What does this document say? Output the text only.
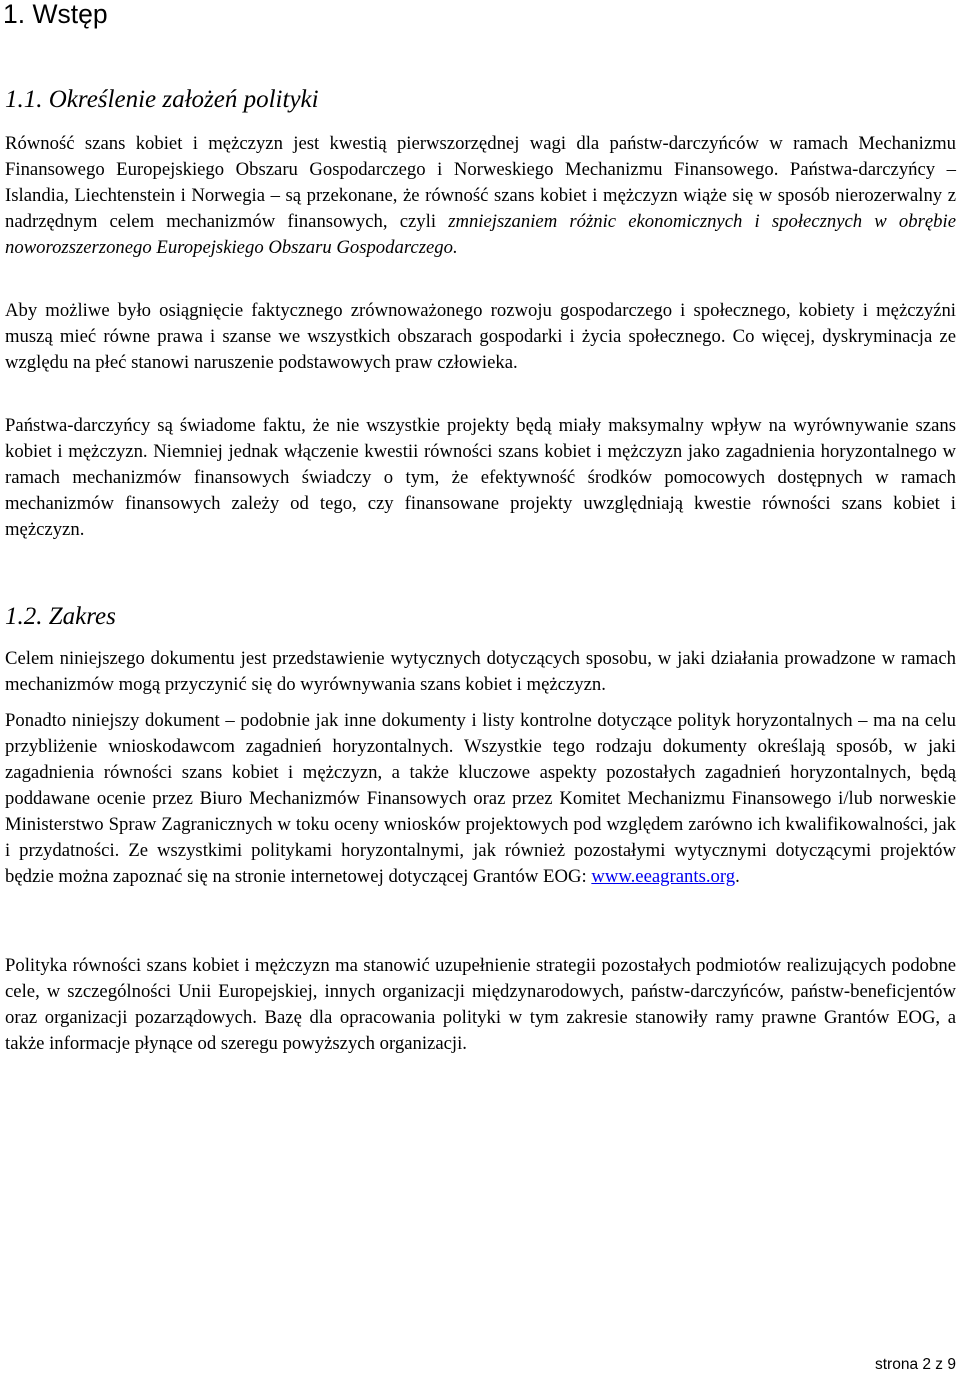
1. Wstęp
1.1. Określenie założeń polityki

Równość szans kobiet i mężczyzn jest kwestią pierwszorzędnej wagi dla państw-darczyńców w ramach Mechanizmu Finansowego Europejskiego Obszaru Gospodarczego i Norweskiego Mechanizmu Finansowego. Państwa-darczyńcy – Islandia, Liechtenstein i Norwegia – są przekonane, że równość szans kobiet i mężczyzn wiąże się w sposób nierozerwalny z nadrzędnym celem mechanizmów finansowych, czyli zmniejszaniem różnic ekonomicznych i społecznych w obrębie noworozszerzonego Europejskiego Obszaru Gospodarczego.

Aby możliwe było osiągnięcie faktycznego zrównoważonego rozwoju gospodarczego i społecznego, kobiety i mężczyźni muszą mieć równe prawa i szanse we wszystkich obszarach gospodarki i życia społecznego. Co więcej, dyskryminacja ze względu na płeć stanowi naruszenie podstawowych praw człowieka.

Państwa-darczyńcy są świadome faktu, że nie wszystkie projekty będą miały maksymalny wpływ na wyrównywanie szans kobiet i mężczyzn. Niemniej jednak włączenie kwestii równości szans kobiet i mężczyzn jako zagadnienia horyzontalnego w ramach mechanizmów finansowych świadczy o tym, że efektywność środków pomocowych dostępnych w ramach mechanizmów finansowych zależy od tego, czy finansowane projekty uwzględniają kwestie równości szans kobiet i mężczyzn.

1.2. Zakres

Celem niniejszego dokumentu jest przedstawienie wytycznych dotyczących sposobu, w jaki działania prowadzone w ramach mechanizmów mogą przyczynić się do wyrównywania szans kobiet i mężczyzn.

Ponadto niniejszy dokument – podobnie jak inne dokumenty i listy kontrolne dotyczące polityk horyzontalnych – ma na celu przybliżenie wnioskodawcom zagadnień horyzontalnych. Wszystkie tego rodzaju dokumenty określają sposób, w jaki zagadnienia równości szans kobiet i mężczyzn, a także kluczowe aspekty pozostałych zagadnień horyzontalnych, będą poddawane ocenie przez Biuro Mechanizmów Finansowych oraz przez Komitet Mechanizmu Finansowego i/lub norweskie Ministerstwo Spraw Zagranicznych w toku oceny wniosków projektowych pod względem zarówno ich kwalifikowalności, jak i przydatności. Ze wszystkimi politykami horyzontalnymi, jak również pozostałymi wytycznymi dotyczącymi projektów będzie można zapoznać się na stronie internetowej dotyczącej Grantów EOG: www.eeagrants.org.

Polityka równości szans kobiet i mężczyzn ma stanowić uzupełnienie strategii pozostałych podmiotów realizujących podobne cele, w szczególności Unii Europejskiej, innych organizacji międzynarodowych, państw-darczyńców, państw-beneficjentów oraz organizacji pozarządowych. Bazę dla opracowania polityki w tym zakresie stanowiły ramy prawne Grantów EOG, a także informacje płynące od szeregu powyższych organizacji.

strona 2 z 9
